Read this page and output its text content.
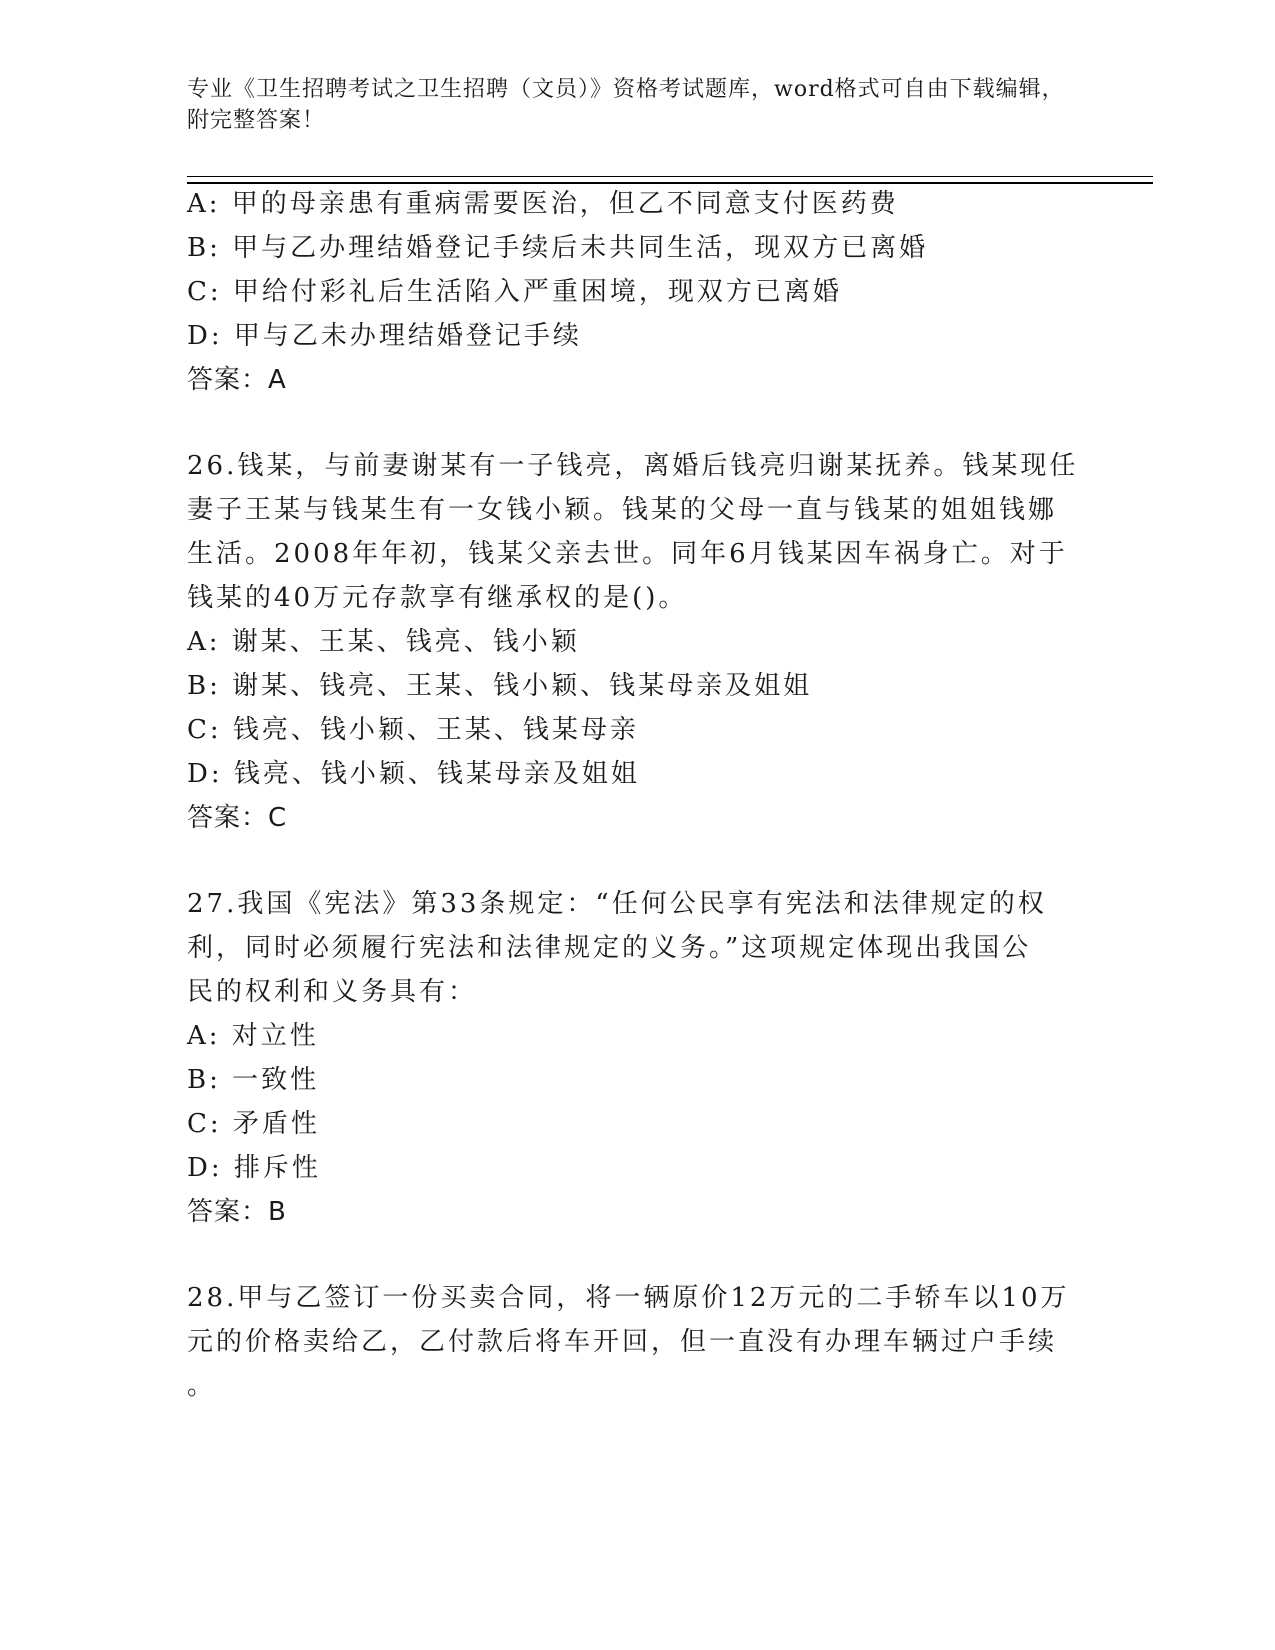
专业《卫生招聘考试之卫生招聘（文员）》资格考试题库，word格式可自由下载编辑，附完整答案！
A: 甲的母亲患有重病需要医治，但乙不同意支付医药费
B: 甲与乙办理结婚登记手续后未共同生活，现双方已离婚
C: 甲给付彩礼后生活陷入严重困境，现双方已离婚
D: 甲与乙未办理结婚登记手续
答案：A
26.钱某，与前妻谢某有一子钱亮，离婚后钱亮归谢某抚养。钱某现任
妻子王某与钱某生有一女钱小颖。钱某的父母一直与钱某的姐姐钱娜
生活。2008年年初，钱某父亲去世。同年6月钱某因车祸身亡。对于
钱某的40万元存款享有继承权的是()。
A: 谢某、王某、钱亮、钱小颖
B: 谢某、钱亮、王某、钱小颖、钱某母亲及姐姐
C: 钱亮、钱小颖、王某、钱某母亲
D: 钱亮、钱小颖、钱某母亲及姐姐
答案：C
27.我国《宪法》第33条规定：“任何公民享有宪法和法律规定的权
利，同时必须履行宪法和法律规定的义务。”这项规定体现出我国公
民的权利和义务具有：
A: 对立性
B: 一致性
C: 矛盾性
D: 排斥性
答案：B
28.甲与乙签订一份买卖合同，将一辆原价12万元的二手轿车以10万
元的价格卖给乙，乙付款后将车开回，但一直没有办理车辆过户手续
。
